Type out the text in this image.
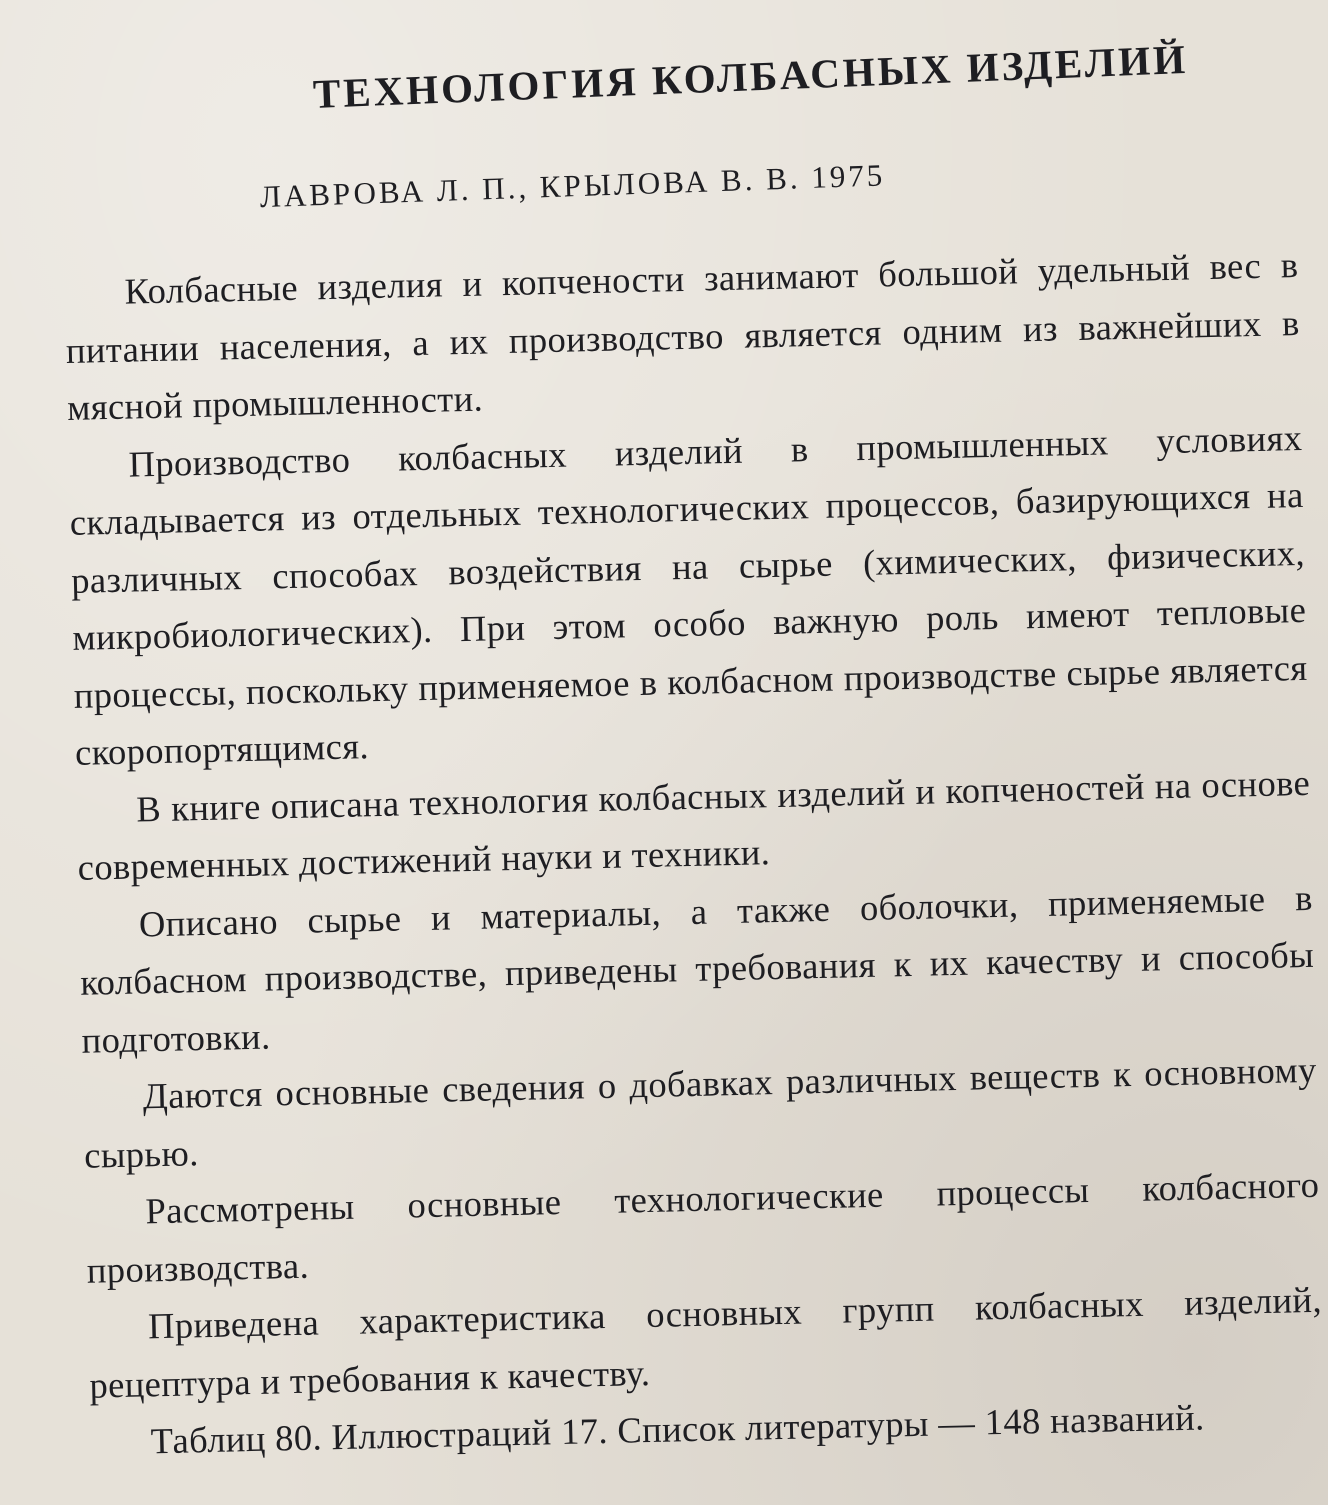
ТЕХНОЛОГИЯ КОЛБАСНЫХ ИЗДЕЛИЙ
ЛАВРОВА Л. П., КРЫЛОВА В. В. 1975

Колбасные изделия и копчености занимают большой удельный вес в питании населения, а их производство является одним из важнейших в мясной промышленности.

Производство колбасных изделий в промышленных условиях складывается из отдельных технологических процессов, базирующихся на различных способах воздействия на сырье (химических, физических, микробиологических). При этом особо важную роль имеют тепловые процессы, поскольку применяемое в колбасном производстве сырье является скоропортящимся.

В книге описана технология колбасных изделий и копченостей на основе современных достижений науки и техники.

Описано сырье и материалы, а также оболочки, применяемые в колбасном производстве, приведены требования к их качеству и способы подготовки.

Даются основные сведения о добавках различных веществ к основному сырью.

Рассмотрены основные технологические процессы колбасного производства.

Приведена характеристика основных групп колбасных изделий, рецептура и требования к качеству.

Таблиц 80. Иллюстраций 17. Список литературы — 148 названий.
